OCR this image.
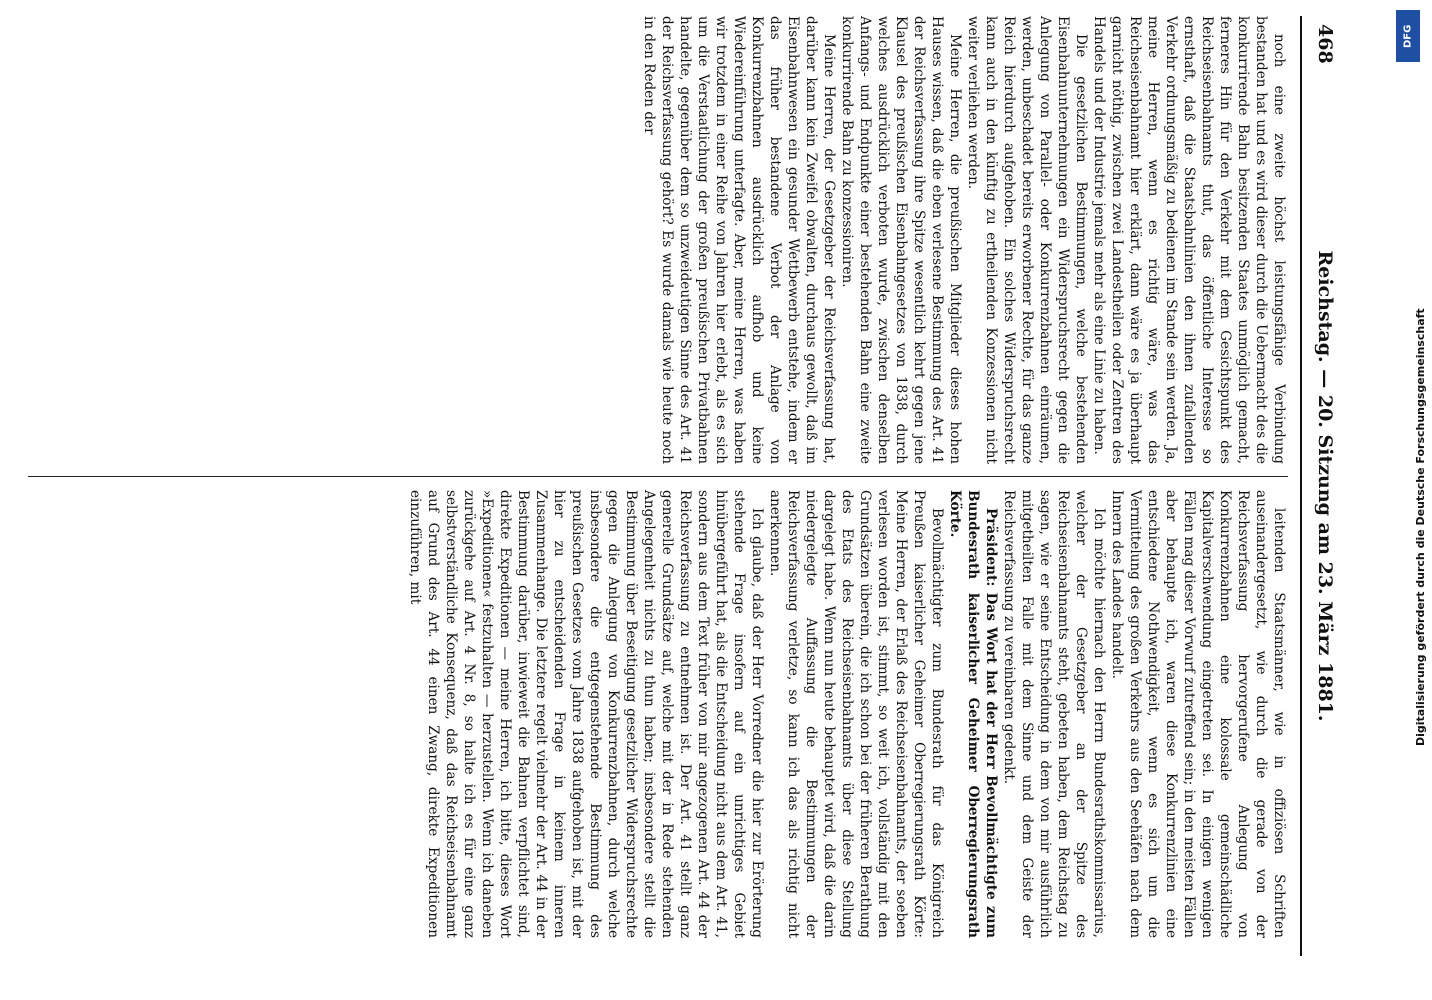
468
Reichstag. — 20. Sitzung am 23. März 1881.

noch eine zweite höchst leistungsfähige Verbindung bestanden hat und es wird dieser durch die Uebermacht des die konkurrirende Bahn besitzenden Staates unmöglich gemacht, ferneres Hin für den Verkehr mit dem Gesichtspunkt des Reichseisenbahnamts thut, das öffentliche Interesse so ernsthaft, daß die Staatsbahnlinien den ihnen zufallenden Verkehr ordnungsmäßig zu bedienen im Stande sein werden. Ja, meine Herren, wenn es richtig wäre, was das Reichseisenbahnamt hier erklärt, dann wäre es ja überhaupt garnicht nöthig, zwischen zwei Landestheilen oder Zentren des Handels und der Industrie jemals mehr als eine Linie zu haben.

Die gesetzlichen Bestimmungen, welche bestehenden Eisenbahnunternehmungen ein Widerspruchsrecht gegen die Anlegung von Parallel- oder Konkurrenzbahnen einräumen, werden, unbeschadet bereits erworbener Rechte, für das ganze Reich hierdurch aufgehoben. Ein solches Widerspruchsrecht kann auch in den künftig zu ertheilenden Konzessionen nicht weiter verliehen werden.

Meine Herren, die preußischen Mitglieder dieses hohen Hauses wissen, daß die eben verlesene Bestimmung des Art. 41 der Reichsverfassung ihre Spitze wesentlich kehrt gegen jene Klausel des preußischen Eisenbahngesetzes von 1838, durch welches ausdrücklich verboten wurde, zwischen denselben Anfangs- und Endpunkte einer bestehenden Bahn eine zweite konkurrirende Bahn zu konzessioniren.

Meine Herren, der Gesetzgeber der Reichsverfassung hat, darüber kann kein Zweifel obwalten, durchaus gewollt, daß im Eisenbahnwesen ein gesunder Wettbewerb entstehe, indem er das früher bestandene Verbot der Anlage von Konkurrenzbahnen ausdrücklich aufhob und keine Wiedereinführung unterfagte. Aber, meine Herren, was haben wir trotzdem in einer Reihe von Jahren hier erlebt, als es sich um die Verstaatlichung der großen preußischen Privatbahnen handelte, gegenüber dem so unzweideutigen Sinne des Art. 41 der Reichsverfassung gehört? Es wurde damals wie heute noch in den Reden der

leitenden Staatsmänner, wie in offiziösen Schriften auseinandergesetzt, wie durch die gerade von der Reichsverfassung hervorgerufene Anlegung von Konkurrenzbahnen eine kolossale gemeinschädliche Kapitalverschwendung eingetreten sei. In einigen wenigen Fällen mag dieser Vorwurf zutreffend sein; in den meisten Fällen aber behaupte ich, waren diese Konkurrenzlinien eine entschiedene Nothwendigkeit, wenn es sich um die Vermittelung des großen Verkehrs aus den Seehäfen nach dem Innern des Landes handelt.

Ich möchte hiernach den Herrn Bundesrathskommissarius, welcher der Gesetzgeber an der Spitze des Reichseisenbahnamts steht, gebeten haben, dem Reichstag zu sagen, wie er seine Entscheidung in dem von mir ausführlich mitgetheilten Falle mit dem Sinne und dem Geiste der Reichsverfassung zu vereinbaren gedenkt.

Präsident: Das Wort hat der Herr Bevollmächtigte zum Bundesrath kaiserlicher Geheimer Oberregierungsrath Körte.

Bevollmächtigter zum Bundesrath für das Königreich Preußen kaiserlicher Geheimer Oberregierungsrath Körte: Meine Herren, der Erlaß des Reichseisenbahnamts, der soeben verlesen worden ist, stimmt, so weit ich, vollständig mit den Grundsätzen überein, die ich schon bei der früheren Berathung des Etats des Reichseisenbahnamts über diese Stellung dargelegt habe. Wenn nun heute behauptet wird, daß die darin niedergelegte Auffassung die Bestimmungen der Reichsverfassung verletze, so kann ich das als richtig nicht anerkennen.

Ich glaube, daß der Herr Vorredner die hier zur Erörterung stehende Frage insofern auf ein unrichtiges Gebiet hinübergeführt hat, als die Entscheidung nicht aus dem Art. 41, sondern aus dem Text früher von mir angezogenen Art. 44 der Reichsverfassung zu entnehmen ist. Der Art. 41 stellt ganz generelle Grundsätze auf, welche mit der in Rede stehenden Angelegenheit nichts zu thun haben; insbesondere stellt die Bestimmung über Beseitigung gesetzlicher Widerspruchsrechte gegen die Anlegung von Konkurrenzbahnen, durch welche insbesondere die entgegenstehende Bestimmung des preußischen Gesetzes vom Jahre 1838 aufgehoben ist, mit der hier zu entscheidenden Frage in keinem inneren Zusammenhange. Die letztere regelt vielmehr der Art. 44 in der Bestimmung darüber, inwieweit die Bahnen verpflichtet sind, direkte Expeditionen — meine Herren, ich bitte, dieses Wort »Expeditionen« festzuhalten — herzustellen. Wenn ich daneben zurückgehe auf Art. 4 Nr. 8, so halte ich es für eine ganz selbstverständliche Konsequenz, daß das Reichseisenbahnamt auf Grund des Art. 44 einen Zwang, direkte Expeditionen einzuführen, mit

DFG
Digitalisierung gefördert durch die Deutsche Forschungsgemeinschaft
